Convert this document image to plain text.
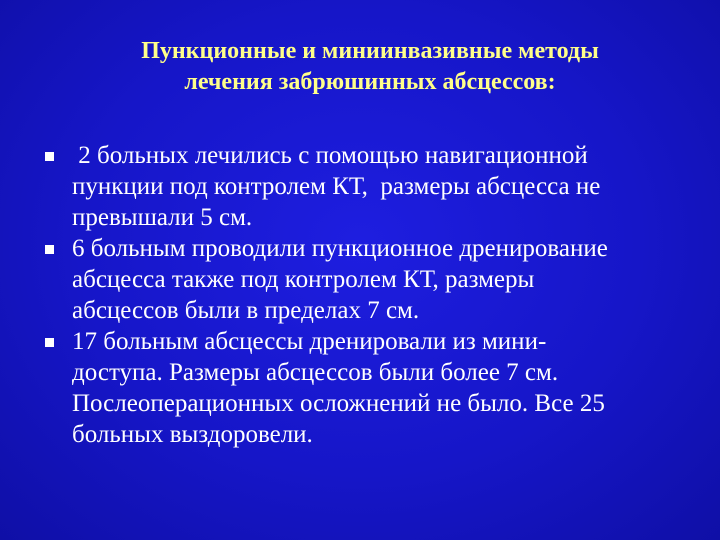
Пункционные и миниинвазивные методы
лечения забрюшинных абсцессов:
2 больных лечились с помощью навигационной
пункции под контролем КТ,  размеры абсцесса не
превышали 5 см.
6 больным проводили пункционное дренирование
абсцесса также под контролем КТ, размеры
абсцессов были в пределах 7 см.
17 больным абсцессы дренировали из мини-
доступа. Размеры абсцессов были более 7 см.
Послеоперационных осложнений не было. Все 25
больных выздоровели.
